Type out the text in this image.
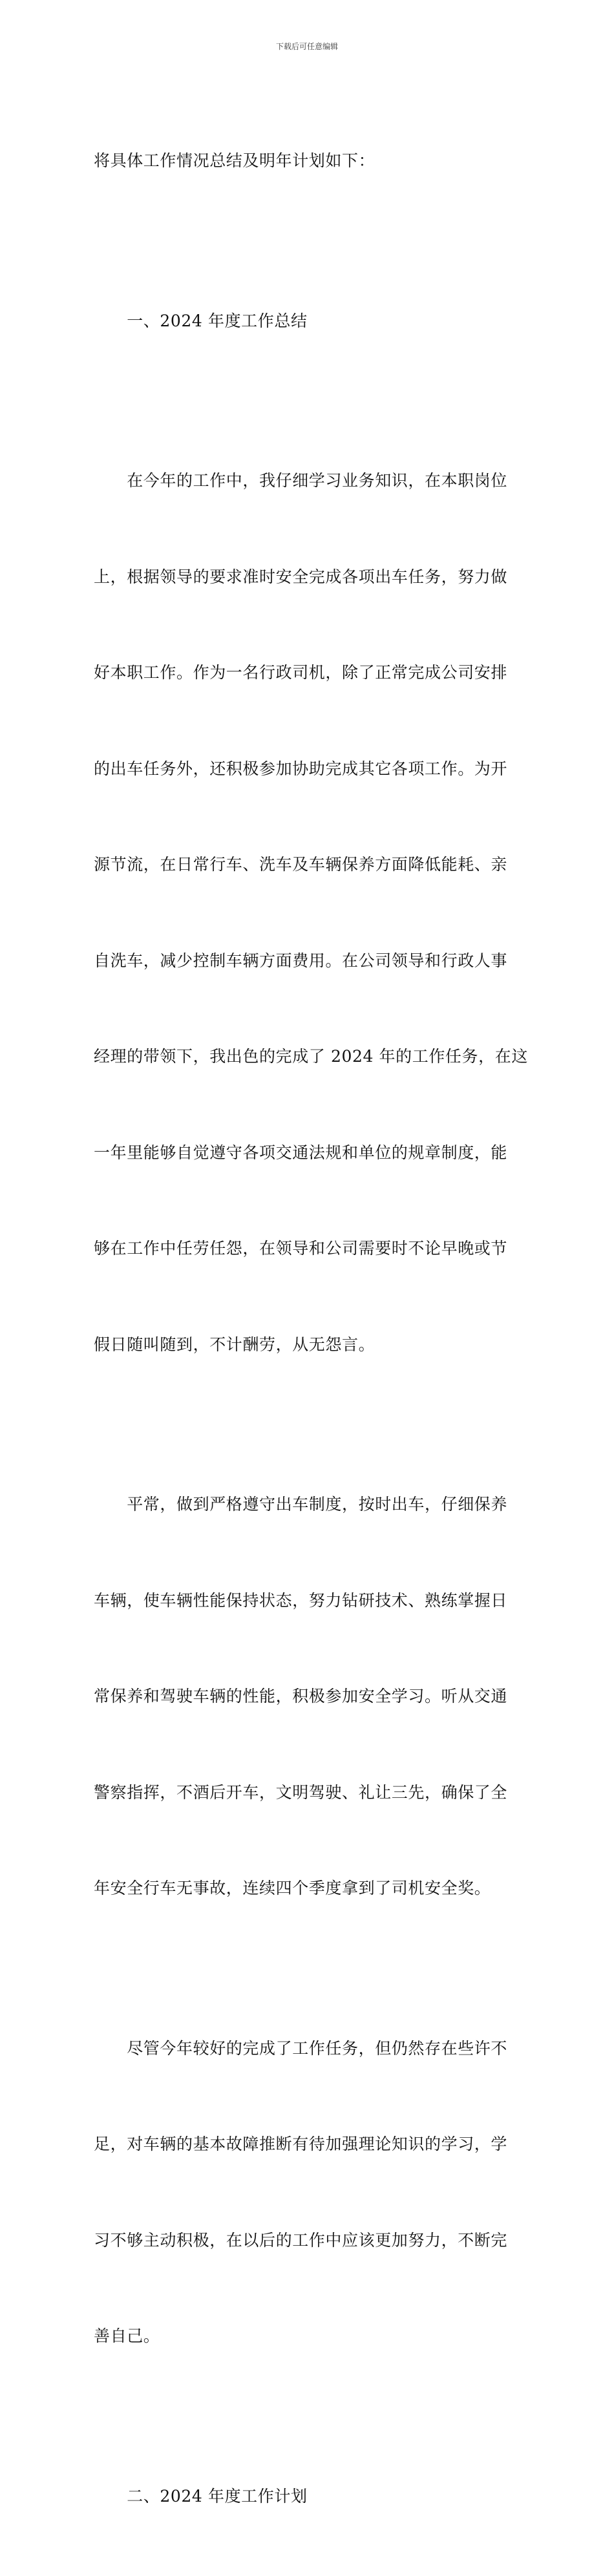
下载后可任意编辑

将具体工作情况总结及明年计划如下：

　　一、2024 年度工作总结

　　在今年的工作中，我仔细学习业务知识，在本职岗位

上，根据领导的要求准时安全完成各项出车任务，努力做

好本职工作。作为一名行政司机，除了正常完成公司安排

的出车任务外，还积极参加协助完成其它各项工作。为开

源节流，在日常行车、洗车及车辆保养方面降低能耗、亲

自洗车，减少控制车辆方面费用。在公司领导和行政人事

经理的带领下，我出色的完成了 2024 年的工作任务，在这

一年里能够自觉遵守各项交通法规和单位的规章制度，能

够在工作中任劳任怨，在领导和公司需要时不论早晚或节

假日随叫随到，不计酬劳，从无怨言。

　　平常，做到严格遵守出车制度，按时出车，仔细保养

车辆，使车辆性能保持状态，努力钻研技术、熟练掌握日

常保养和驾驶车辆的性能，积极参加安全学习。听从交通

警察指挥，不酒后开车，文明驾驶、礼让三先，确保了全

年安全行车无事故，连续四个季度拿到了司机安全奖。

　　尽管今年较好的完成了工作任务，但仍然存在些许不

足，对车辆的基本故障推断有待加强理论知识的学习，学

习不够主动积极，在以后的工作中应该更加努力，不断完

善自己。

　　二、2024 年度工作计划
